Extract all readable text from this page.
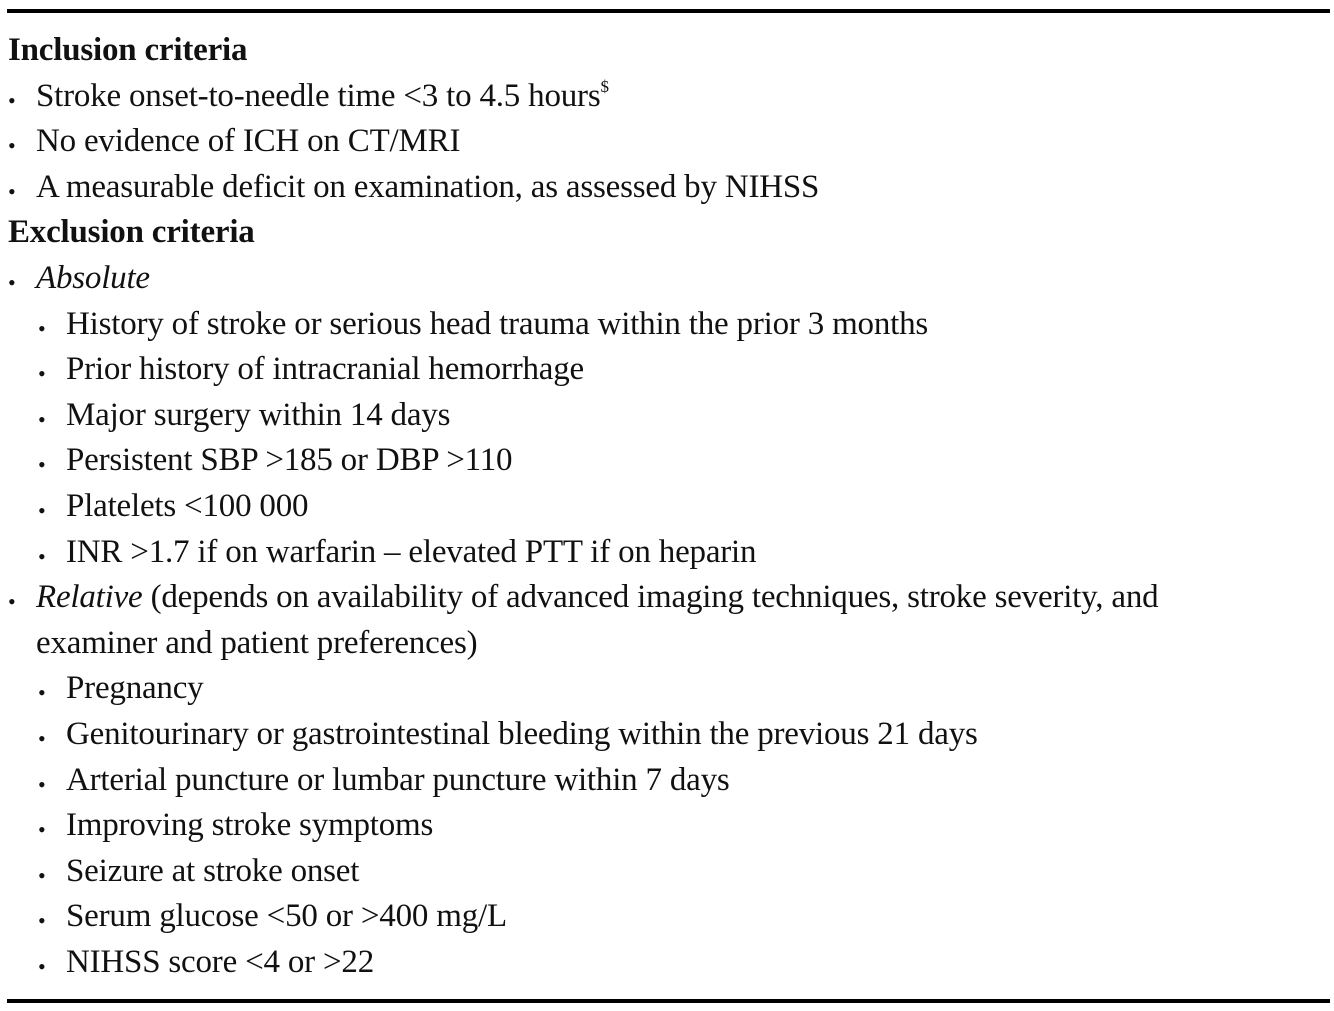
Inclusion criteria
• Stroke onset-to-needle time <3 to 4.5 hours$
• No evidence of ICH on CT/MRI
• A measurable deficit on examination, as assessed by NIHSS
Exclusion criteria
• Absolute
• History of stroke or serious head trauma within the prior 3 months
• Prior history of intracranial hemorrhage
• Major surgery within 14 days
• Persistent SBP >185 or DBP >110
• Platelets <100 000
• INR >1.7 if on warfarin – elevated PTT if on heparin
• Relative (depends on availability of advanced imaging techniques, stroke severity, and
examiner and patient preferences)
• Pregnancy
• Genitourinary or gastrointestinal bleeding within the previous 21 days
• Arterial puncture or lumbar puncture within 7 days
• Improving stroke symptoms
• Seizure at stroke onset
• Serum glucose <50 or >400 mg/L
• NIHSS score <4 or >22
